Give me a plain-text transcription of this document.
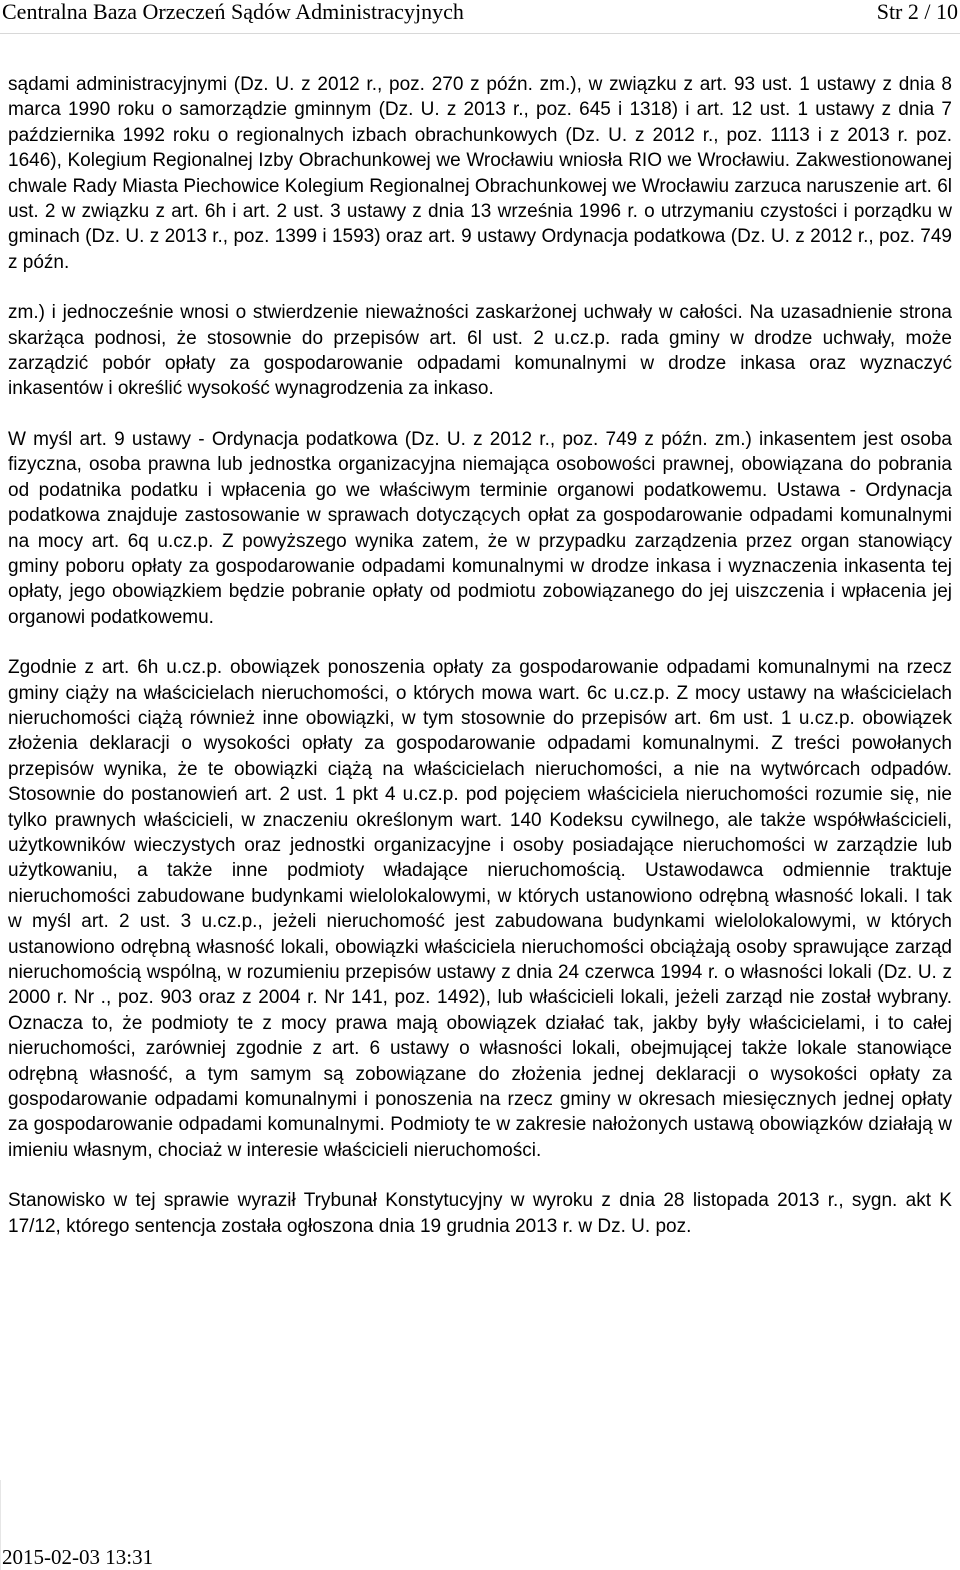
Centralna Baza Orzeczeń Sądów Administracyjnych	Str 2 / 10

sądami administracyjnymi (Dz. U. z 2012 r., poz. 270 z późn. zm.), w związku z art. 93 ust. 1 ustawy z dnia 8 marca 1990 roku o samorządzie gminnym (Dz. U. z 2013 r., poz. 645 i 1318) i art. 12 ust. 1 ustawy z dnia 7 października 1992 roku o regionalnych izbach obrachunkowych (Dz. U. z 2012 r., poz. 1113 i z 2013 r. poz. 1646), Kolegium Regionalnej Izby Obrachunkowej we Wrocławiu wniosła RIO we Wrocławiu. Zakwestionowanej chwale Rady Miasta Piechowice Kolegium Regionalnej Obrachunkowej we Wrocławiu zarzuca naruszenie art. 6l ust. 2 w związku z art. 6h i art. 2 ust. 3 ustawy z dnia 13 września 1996 r. o utrzymaniu czystości i porządku w gminach (Dz. U. z 2013 r., poz. 1399 i 1593) oraz art. 9 ustawy Ordynacja podatkowa (Dz. U. z 2012 r., poz. 749 z późn.

zm.) i jednocześnie wnosi o stwierdzenie nieważności zaskarżonej uchwały w całości. Na uzasadnienie strona skarżąca podnosi, że stosownie do przepisów art. 6l ust. 2 u.cz.p. rada gminy w drodze uchwały, może zarządzić pobór opłaty za gospodarowanie odpadami komunalnymi w drodze inkasa oraz wyznaczyć inkasentów i określić wysokość wynagrodzenia za inkaso.

W myśl art. 9 ustawy - Ordynacja podatkowa (Dz. U. z 2012 r., poz. 749 z późn. zm.) inkasentem jest osoba fizyczna, osoba prawna lub jednostka organizacyjna niemająca osobowości prawnej, obowiązana do pobrania od podatnika podatku i wpłacenia go we właściwym terminie organowi podatkowemu. Ustawa - Ordynacja podatkowa znajduje zastosowanie w sprawach dotyczących opłat za gospodarowanie odpadami komunalnymi na mocy art. 6q u.cz.p. Z powyższego wynika zatem, że w przypadku zarządzenia przez organ stanowiący gminy poboru opłaty za gospodarowanie odpadami komunalnymi w drodze inkasa i wyznaczenia inkasenta tej opłaty, jego obowiązkiem będzie pobranie opłaty od podmiotu zobowiązanego do jej uiszczenia i wpłacenia jej organowi podatkowemu.

Zgodnie z art. 6h u.cz.p. obowiązek ponoszenia opłaty za gospodarowanie odpadami komunalnymi na rzecz gminy ciąży na właścicielach nieruchomości, o których mowa wart. 6c u.cz.p. Z mocy ustawy na właścicielach nieruchomości ciążą również inne obowiązki, w tym stosownie do przepisów art. 6m ust. 1 u.cz.p. obowiązek złożenia deklaracji o wysokości opłaty za gospodarowanie odpadami komunalnymi. Z treści powołanych przepisów wynika, że te obowiązki ciążą na właścicielach nieruchomości, a nie na wytwórcach odpadów. Stosownie do postanowień art. 2 ust. 1 pkt 4 u.cz.p. pod pojęciem właściciela nieruchomości rozumie się, nie tylko prawnych właścicieli, w znaczeniu określonym wart. 140 Kodeksu cywilnego, ale także współwłaścicieli, użytkowników wieczystych oraz jednostki organizacyjne i osoby posiadające nieruchomości w zarządzie lub użytkowaniu, a także inne podmioty władające nieruchomością. Ustawodawca odmiennie traktuje nieruchomości zabudowane budynkami wielolokalowymi, w których ustanowiono odrębną własność lokali. I tak w myśl art. 2 ust. 3 u.cz.p., jeżeli nieruchomość jest zabudowana budynkami wielolokalowymi, w których ustanowiono odrębną własność lokali, obowiązki właściciela nieruchomości obciążają osoby sprawujące zarząd nieruchomością wspólną, w rozumieniu przepisów ustawy z dnia 24 czerwca 1994 r. o własności lokali (Dz. U. z 2000 r. Nr ., poz. 903 oraz z 2004 r. Nr 141, poz. 1492), lub właścicieli lokali, jeżeli zarząd nie został wybrany. Oznacza to, że podmioty te z mocy prawa mają obowiązek działać tak, jakby były właścicielami, i to całej nieruchomości, zarówniej zgodnie z art. 6 ustawy o własności lokali, obejmującej także lokale stanowiące odrębną własność, a tym samym są zobowiązane do złożenia jednej deklaracji o wysokości opłaty za gospodarowanie odpadami komunalnymi i ponoszenia na rzecz gminy w okresach miesięcznych jednej opłaty za gospodarowanie odpadami komunalnymi. Podmioty te w zakresie nałożonych ustawą obowiązków działają w imieniu własnym, chociaż w interesie właścicieli nieruchomości.

Stanowisko w tej sprawie wyraził Trybunał Konstytucyjny w wyroku z dnia 28 listopada 2013 r., sygn. akt K 17/12, którego sentencja została ogłoszona dnia 19 grudnia 2013 r. w Dz. U. poz.

2015-02-03 13:31
